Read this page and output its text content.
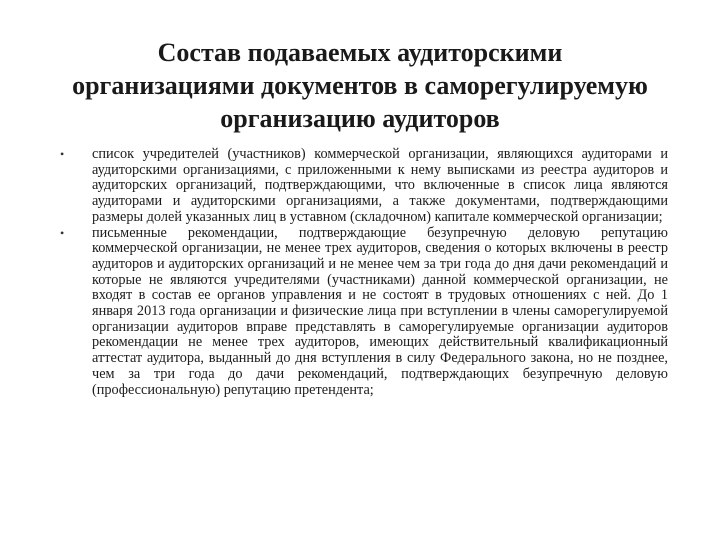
Состав подаваемых аудиторскими
организациями документов в саморегулируемую
организацию аудиторов
•	список учредителей (участников) коммерческой организации, являющихся аудиторами и аудиторскими организациями, с приложенными к нему выписками из реестра аудиторов и аудиторских организаций, подтверждающими, что включенные в список лица являются аудиторами и аудиторскими организациями, а также документами, подтверждающими размеры долей указанных лиц в уставном (складочном) капитале коммерческой организации;
•	письменные рекомендации, подтверждающие безупречную деловую репутацию коммерческой организации, не менее трех аудиторов, сведения о которых включены в реестр аудиторов и аудиторских организаций и не менее чем за три года до дня дачи рекомендаций и которые не являются учредителями (участниками) данной коммерческой организации, не входят в состав ее органов управления и не состоят в трудовых отношениях с ней. До 1 января 2013 года организации и физические лица при вступлении в члены саморегулируемой организации аудиторов вправе представлять в саморегулируемые организации аудиторов рекомендации не менее трех аудиторов, имеющих действительный квалификационный аттестат аудитора, выданный до дня вступления в силу Федерального закона, но не позднее, чем за три года до дачи рекомендаций, подтверждающих безупречную деловую (профессиональную) репутацию претендента;
